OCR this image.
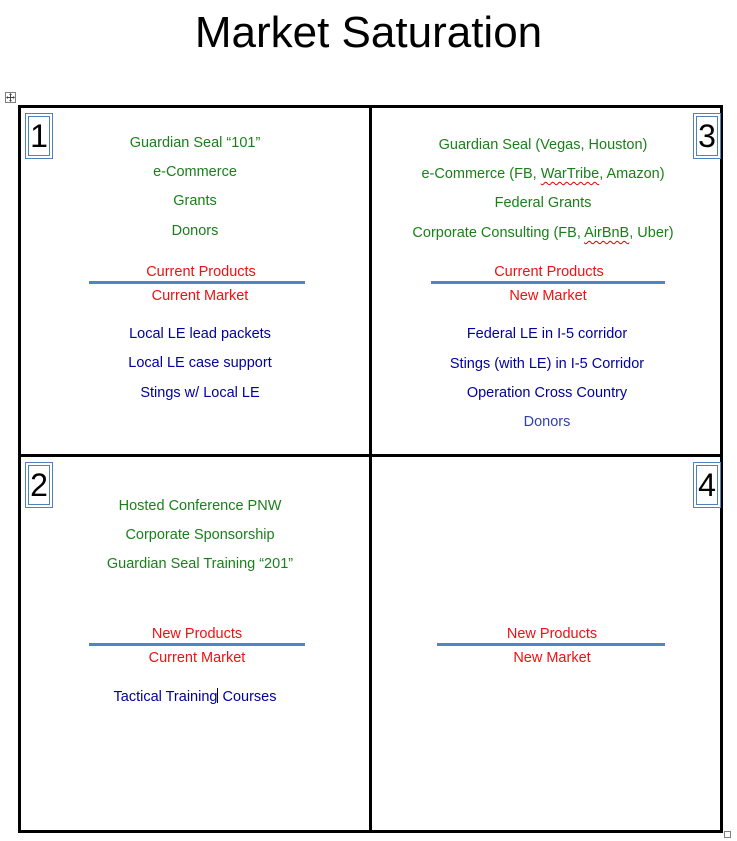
Market Saturation
1	Guardian Seal “101”
e-Commerce
Grants
Donors
Current Products
Current Market
Local LE lead packets
Local LE case support
Stings w/ Local LE
3
Guardian Seal (Vegas, Houston)
e-Commerce (FB, WarTribe, Amazon)
Federal Grants
Corporate Consulting (FB, AirBnB, Uber)
Current Products
New Market
Federal LE in I-5 corridor
Stings (with LE) in I-5 Corridor
Operation Cross Country
Donors
2
Hosted Conference PNW
Corporate Sponsorship
Guardian Seal Training “201”
New Products
Current Market
Tactical Training Courses
4
New Products
New Market
